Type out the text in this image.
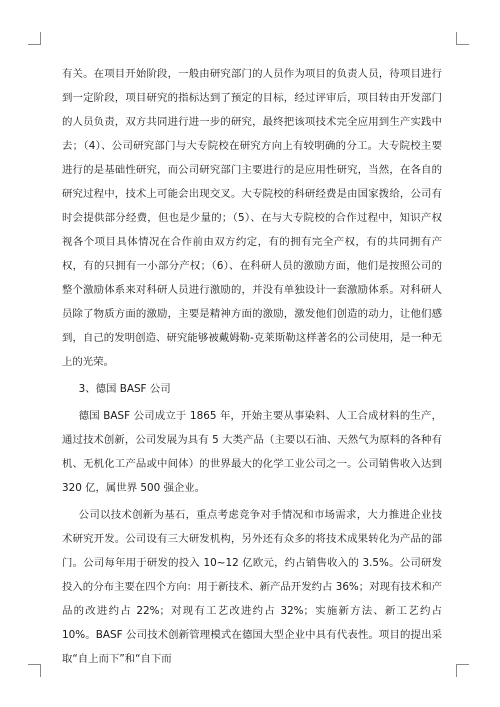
有关。在项目开始阶段，一般由研究部门的人员作为项目的负责人员，待项目进行到一定阶段，项目研究的指标达到了预定的目标，经过评审后，项目转由开发部门的人员负责，双方共同进行进一步的研究，最终把该项技术完全应用到生产实践中去；（4）、公司研究部门与大专院校在研究方向上有较明确的分工。大专院校主要进行的是基础性研究，而公司研究部门主要进行的是应用性研究，当然，在各自的研究过程中，技术上可能会出现交叉。大专院校的科研经费是由国家拨给，公司有时会提供部分经费，但也是少量的；（5）、在与大专院校的合作过程中，知识产权视各个项目具体情况在合作前由双方约定，有的拥有完全产权，有的共同拥有产权，有的只拥有一小部分产权；（6）、在科研人员的激励方面，他们是按照公司的整个激励体系来对科研人员进行激励的，并没有单独设计一套激励体系。对科研人员除了物质方面的激励，主要是精神方面的激励，激发他们创造的动力，让他们感到，自己的发明创造、研究能够被戴姆勒-克莱斯勒这样著名的公司使用，是一种无上的光荣。

3、德国 BASF 公司

德国 BASF 公司成立于 1865 年，开始主要从事染料、人工合成材料的生产，通过技术创新，公司发展为具有 5 大类产品（主要以石油、天然气为原料的各种有机、无机化工产品或中间体）的世界最大的化学工业公司之一。公司销售收入达到 320 亿，属世界 500 强企业。

公司以技术创新为基石，重点考虑竞争对手情况和市场需求，大力推进企业技术研究开发。公司设有三大研发机构，另外还有众多的将技术成果转化为产品的部门。公司每年用于研发的投入 10~12 亿欧元，约占销售收入的 3.5%。公司研发投入的分布主要在四个方向：用于新技术、新产品开发约占 36%；对现有技术和产品的改进约占 22%；对现有工艺改进约占 32%；实施新方法、新工艺约占 10%。BASF 公司技术创新管理模式在德国大型企业中具有代表性。项目的提出采取“自上而下”和“自下而
